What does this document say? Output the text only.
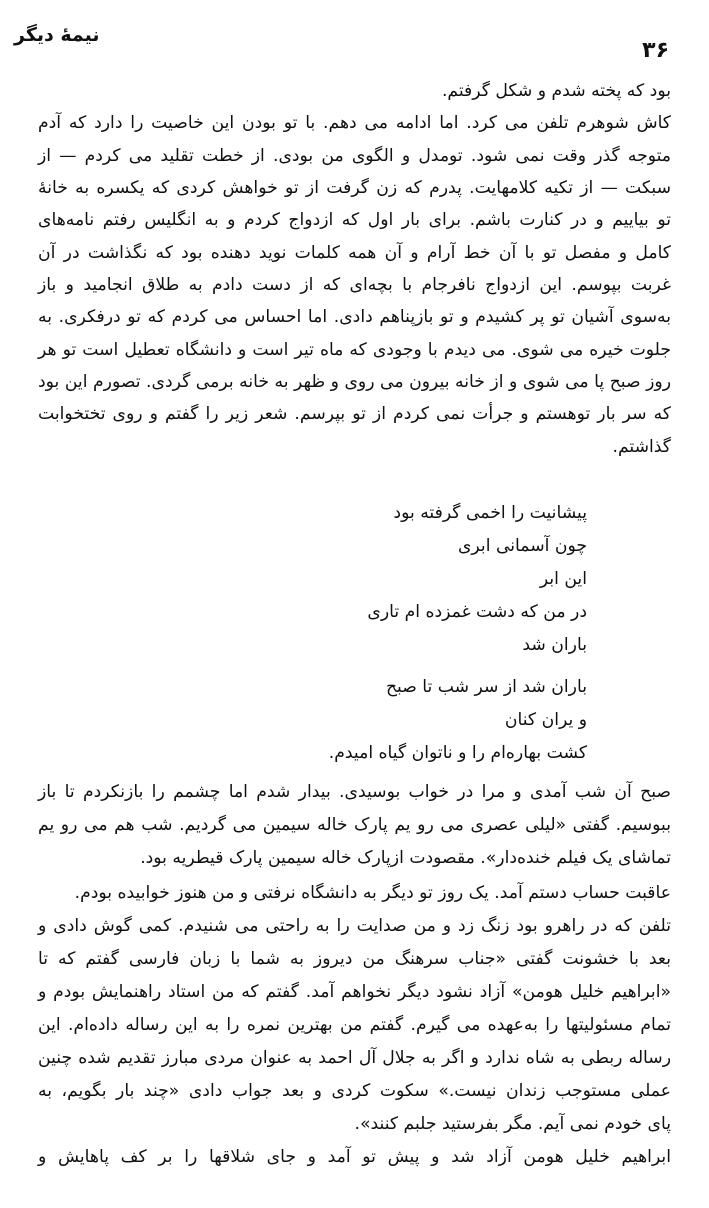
نیمهٔ دیگر
۳۶
بود که پخته شدم و شکل گرفتم.
کاش شوهرم تلفن می کرد. اما ادامه می دهم. با تو بودن این خاصیت را دارد که آدم
متوجه گذر وقت نمی شود. تومدل و الگوی من بودی. از خطت تقلید می کردم — از
سبکت — از تکیه کلامهایت. پدرم که زن گرفت از تو خواهش کردی که یکسره به خانهٔ
تو بیاییم و در کنارت باشم. برای بار اول که ازدواج کردم و به انگلیس رفتم نامه‌های
کامل و مفصل تو با آن خط آرام و آن همه کلمات نوید دهنده بود که نگذاشت در آن
غربت بپوسم. این ازدواج نافرجام با بچه‌ای که از دست دادم به طلاق انجامید و باز
به‌سوی آشیان تو پر کشیدم و تو بازپناهم دادی. اما احساس می کردم که تو درفکری. به
جلوت خیره می شوی. می دیدم با وجودی که ماه تیر است و دانشگاه تعطیل است تو هر
روز صبح پا می شوی و از خانه بیرون می روی و ظهر به خانه برمی گردی. تصورم این بود
که سر بار توهستم و جرأت نمی کردم از تو بپرسم. شعر زیر را گفتم و روی تختخوابت
گذاشتم.
پیشانیت را اخمی گرفته بود
چون آسمانی ابری
این ابر
در من که دشت غمزده ام تاری
باران شد
باران شد از سر شب تا صبح
و یران کنان
کشت بهاره‌ام را و ناتوان گیاه امیدم.
صبح آن شب آمدی و مرا در خواب بوسیدی. بیدار شدم اما چشمم را بازنکردم تا باز
ببوسیم. گفتی «لیلی عصری می رو یم پارک خاله سیمین می گردیم. شب هم می رو یم
تماشای یک فیلم خنده‌دار». مقصودت ازپارک خاله سیمین پارک قیطریه بود.
عاقبت حساب دستم آمد. یک روز تو دیگر به دانشگاه نرفتی و من هنوز خوابیده بودم.
تلفن که در راهرو بود زنگ زد و من صدایت را به راحتی می شنیدم. کمی گوش دادی و
بعد با خشونت گفتی «جناب سرهنگ من دیروز به شما با زبان فارسی گفتم که تا
«ابراهیم خلیل هومن» آزاد نشود دیگر نخواهم آمد. گفتم که من استاد راهنمایش بودم و
تمام مسئولیتها را به‌عهده می گیرم. گفتم من بهترین نمره را به این رساله داده‌ام. این
رساله ربطی به شاه ندارد و اگر به جلال آل احمد به عنوان مردی مبارز تقدیم شده چنین
عملی مستوجب زندان نیست.» سکوت کردی و بعد جواب دادی «چند بار بگویم، به
پای خودم نمی آیم. مگر بفرستید جلبم کنند».
ابراهیم خلیل هومن آزاد شد و پیش تو آمد و جای شلاقها را بر کف پاهایش و
